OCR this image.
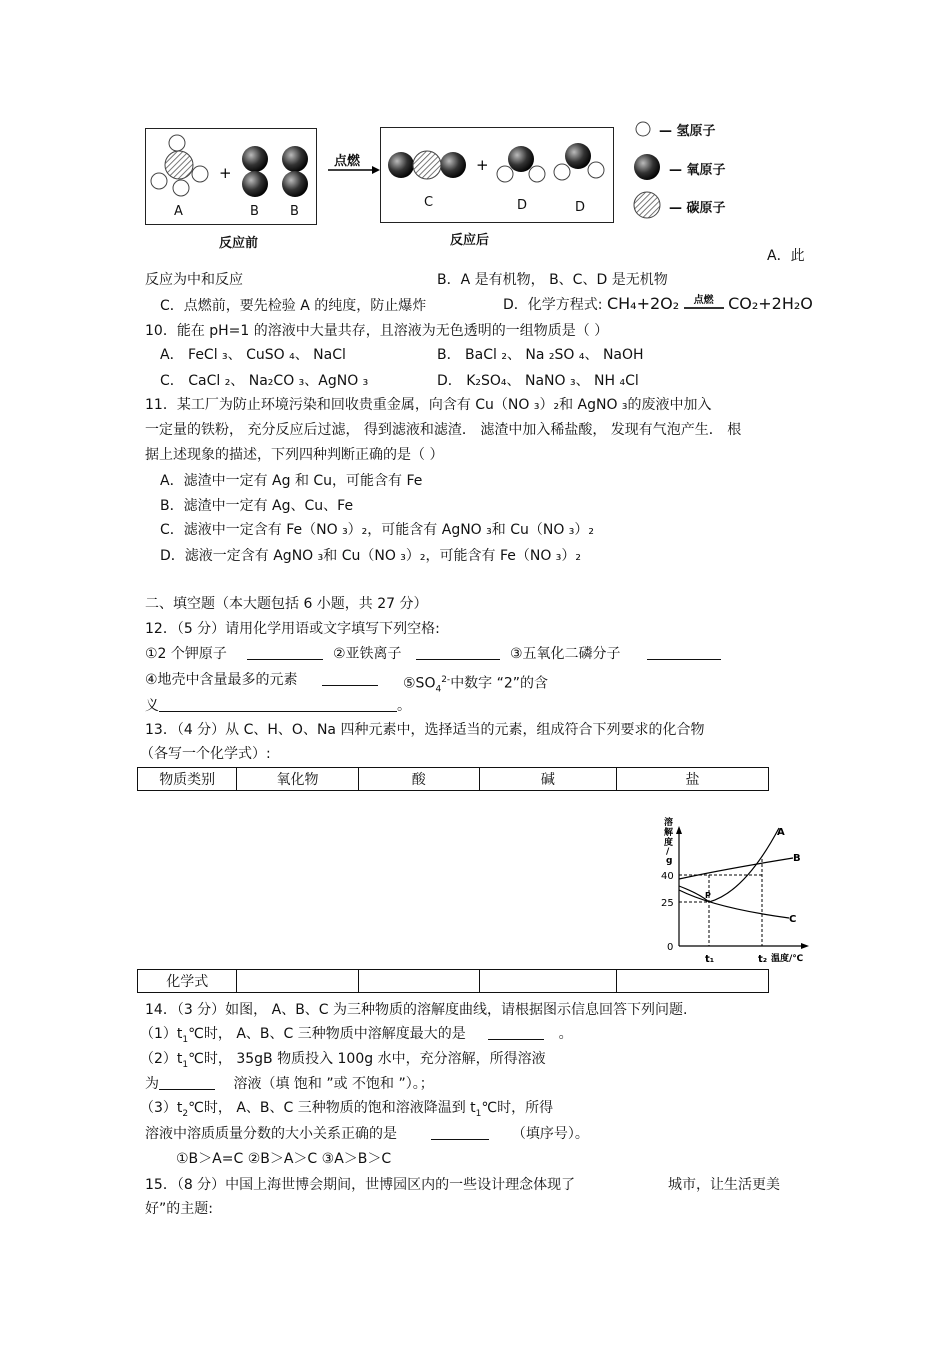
+	+
点燃
A	B B
C	D	D
反应前	反应后
— 氢原子
— 氧原子
— 碳原子
A．此
反应为中和反应	B．A 是有机物， B、C、D 是无机物
C．点燃前，要先检验 A 的纯度，防止爆炸	D．化学方程式: CH₄+2O₂ $^{点燃}$ CO₂+2H₂O
10．能在 pH=1 的溶液中大量共存，且溶液为无色透明的一组物质是（ ）
A． FeCl ₃、 CuSO ₄、 NaCl	B． BaCl ₂、 Na ₂SO ₄、 NaOH
C． CaCl ₂、 Na₂CO ₃、AgNO ₃	D． K₂SO₄、 NaNO ₃、 NH ₄Cl
11．某工厂为防止环境污染和回收贵重金属，向含有 Cu（NO ₃）₂和 AgNO ₃的废液中加入
一定量的铁粉， 充分反应后过滤， 得到滤液和滤渣． 滤渣中加入稀盐酸， 发现有气泡产生． 根
据上述现象的描述，下列四种判断正确的是（ ）
A．滤渣中一定有 Ag 和 Cu，可能含有 Fe
B．滤渣中一定有 Ag、Cu、Fe
C．滤液中一定含有 Fe（NO ₃）₂，可能含有 AgNO ₃和 Cu（NO ₃）₂
D．滤液一定含有 AgNO ₃和 Cu（NO ₃）₂，可能含有 Fe（NO ₃）₂
二、填空题（本大题包括 6 小题，共 27 分）
12．（5 分）请用化学用语或文字填写下列空格:
①2 个钾原子	②亚铁离子	③五氧化二磷分子
④地壳中含量最多的元素	$⑤SO_4^{2-}$中数字 “2”的含
义	。
13．（4 分）从 C、H、O、Na 四种元素中，选择适当的元素，组成符合下列要求的化合物
（各写一个化学式）:
物质类别	氧化物	酸	碱	盐
化学式				
溶解度/ g
40
25
0
t₁	t₂ 温度/℃
A
B
C
P
14．（3 分）如图， A、B、C 为三种物质的溶解度曲线，请根据图示信息回答下列问题.
$(1)t_1℃$时， A、B、C 三种物质中溶解度最大的是	。
$(2)t_1℃$时， 35gB 物质投入 100g 水中，充分溶解，所得溶液
为	溶液（填 饱和 ”或 不饱和 ”）。；
$(3)t_2℃$时， A、B、C 三种物质的饱和溶液降温到 $t_1℃$时，所得
溶液中溶质质量分数的大小关系正确的是	（填序号）。
①B＞A=C ②B＞A＞C ③A＞B＞C
15．（8 分）中国上海世博会期间，世博园区内的一些设计理念体现了	城市，让生活更美
好”的主题:
